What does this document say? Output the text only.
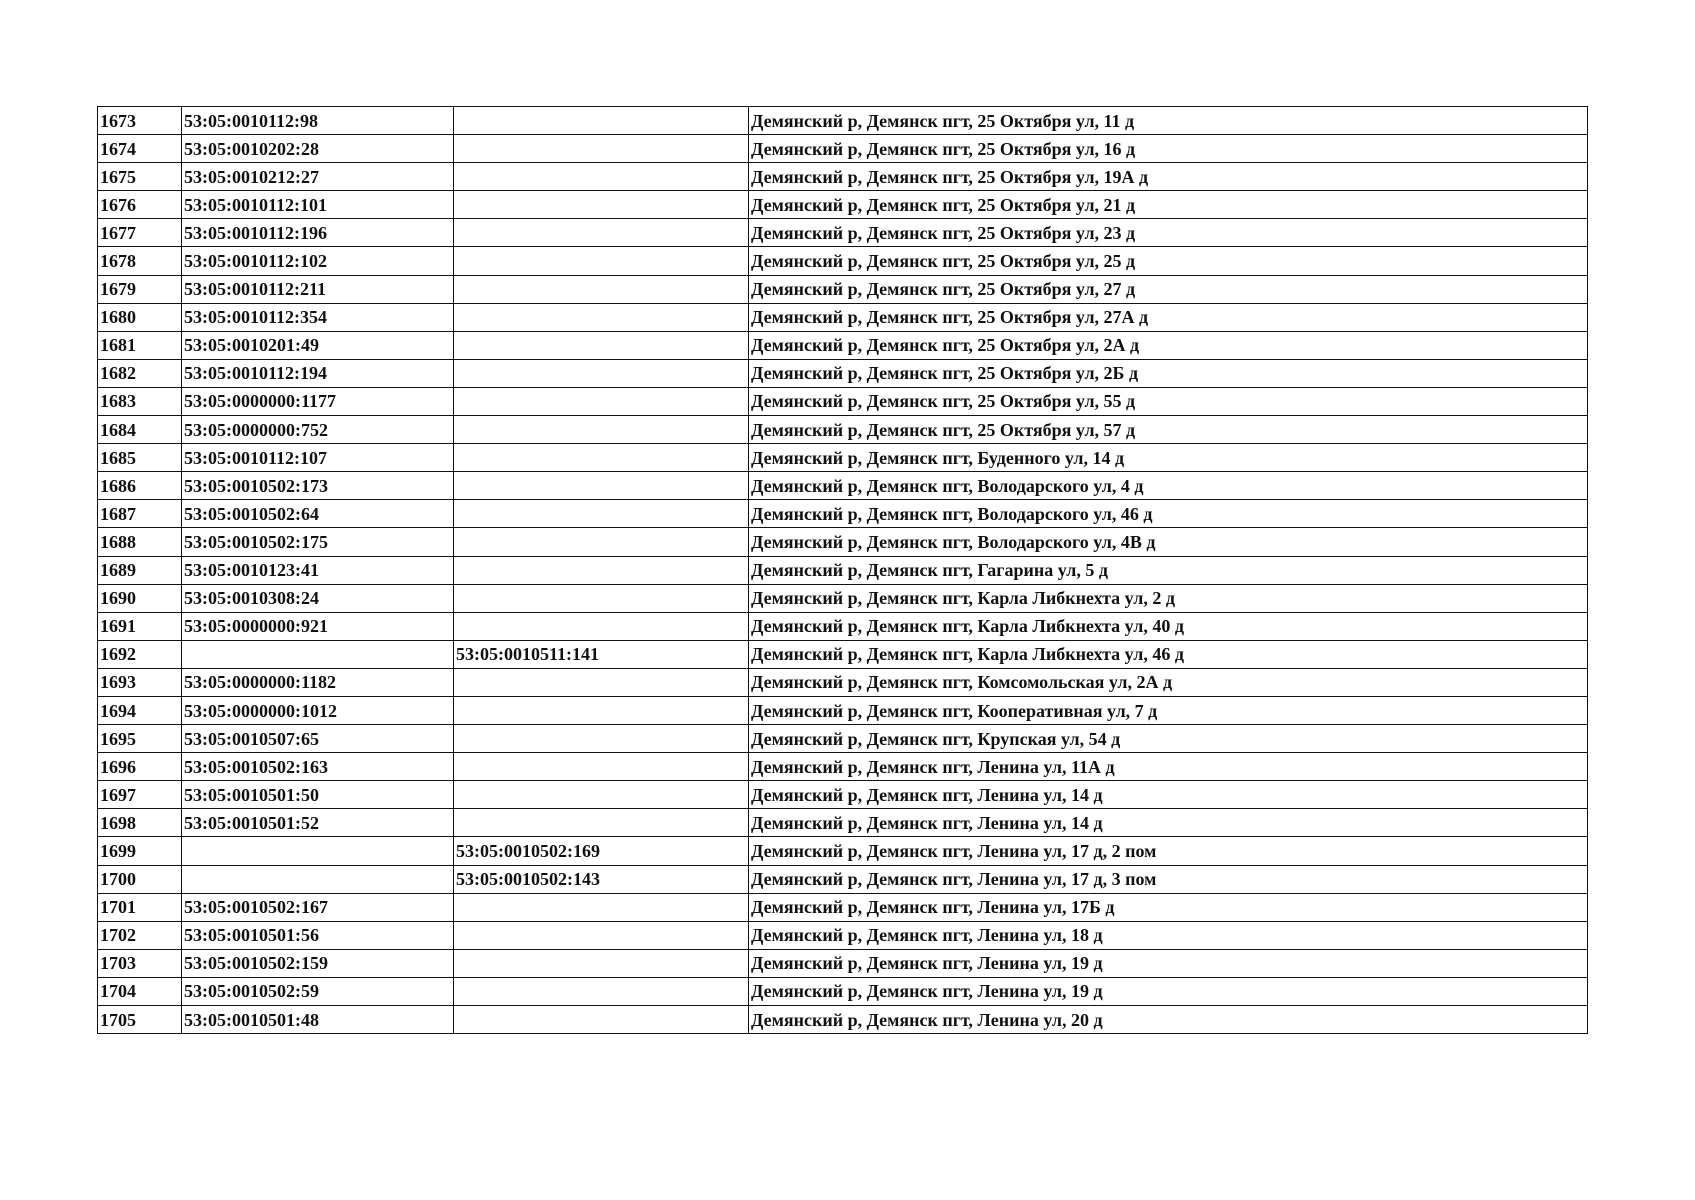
1673	53:05:0010112:98		Демянский р, Демянск пгт, 25 Октября ул, 11 д
1674	53:05:0010202:28		Демянский р, Демянск пгт, 25 Октября ул, 16 д
1675	53:05:0010212:27		Демянский р, Демянск пгт, 25 Октября ул, 19А д
1676	53:05:0010112:101		Демянский р, Демянск пгт, 25 Октября ул, 21 д
1677	53:05:0010112:196		Демянский р, Демянск пгт, 25 Октября ул, 23 д
1678	53:05:0010112:102		Демянский р, Демянск пгт, 25 Октября ул, 25 д
1679	53:05:0010112:211		Демянский р, Демянск пгт, 25 Октября ул, 27 д
1680	53:05:0010112:354		Демянский р, Демянск пгт, 25 Октября ул, 27А д
1681	53:05:0010201:49		Демянский р, Демянск пгт, 25 Октября ул, 2А д
1682	53:05:0010112:194		Демянский р, Демянск пгт, 25 Октября ул, 2Б д
1683	53:05:0000000:1177		Демянский р, Демянск пгт, 25 Октября ул, 55 д
1684	53:05:0000000:752		Демянский р, Демянск пгт, 25 Октября ул, 57 д
1685	53:05:0010112:107		Демянский р, Демянск пгт, Буденного ул, 14 д
1686	53:05:0010502:173		Демянский р, Демянск пгт, Володарского ул, 4 д
1687	53:05:0010502:64		Демянский р, Демянск пгт, Володарского ул, 46 д
1688	53:05:0010502:175		Демянский р, Демянск пгт, Володарского ул, 4В д
1689	53:05:0010123:41		Демянский р, Демянск пгт, Гагарина ул, 5 д
1690	53:05:0010308:24		Демянский р, Демянск пгт, Карла Либкнехта ул, 2 д
1691	53:05:0000000:921		Демянский р, Демянск пгт, Карла Либкнехта ул, 40 д
1692		53:05:0010511:141	Демянский р, Демянск пгт, Карла Либкнехта ул, 46 д
1693	53:05:0000000:1182		Демянский р, Демянск пгт, Комсомольская ул, 2А д
1694	53:05:0000000:1012		Демянский р, Демянск пгт, Кооперативная ул, 7 д
1695	53:05:0010507:65		Демянский р, Демянск пгт, Крупская ул, 54 д
1696	53:05:0010502:163		Демянский р, Демянск пгт, Ленина ул, 11А д
1697	53:05:0010501:50		Демянский р, Демянск пгт, Ленина ул, 14 д
1698	53:05:0010501:52		Демянский р, Демянск пгт, Ленина ул, 14 д
1699		53:05:0010502:169	Демянский р, Демянск пгт, Ленина ул, 17 д, 2 пом
1700		53:05:0010502:143	Демянский р, Демянск пгт, Ленина ул, 17 д, 3 пом
1701	53:05:0010502:167		Демянский р, Демянск пгт, Ленина ул, 17Б д
1702	53:05:0010501:56		Демянский р, Демянск пгт, Ленина ул, 18 д
1703	53:05:0010502:159		Демянский р, Демянск пгт, Ленина ул, 19 д
1704	53:05:0010502:59		Демянский р, Демянск пгт, Ленина ул, 19 д
1705	53:05:0010501:48		Демянский р, Демянск пгт, Ленина ул, 20 д
